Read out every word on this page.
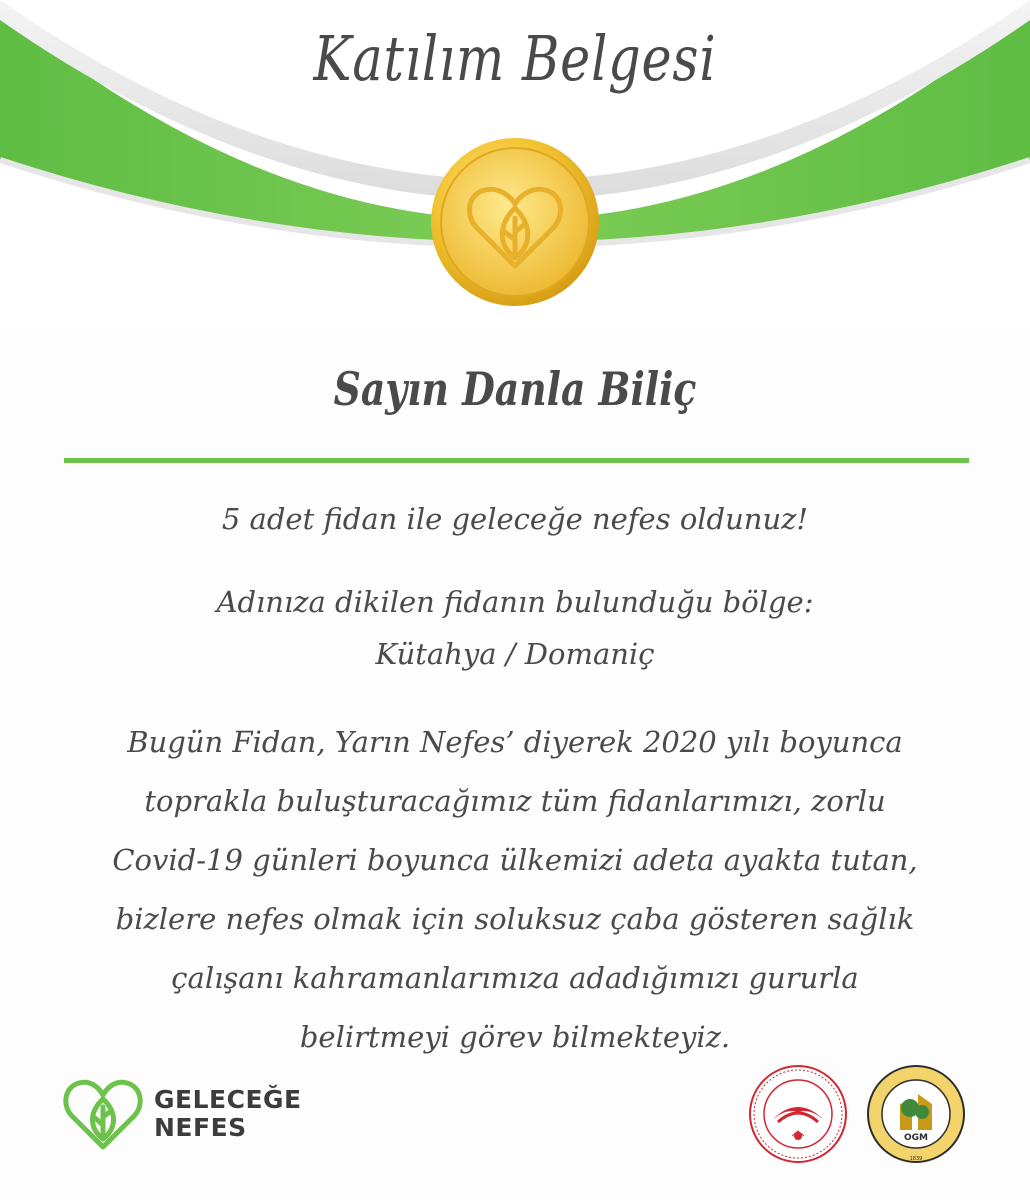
Katılım Belgesi
Sayın Danla Biliç
5 adet fidan ile geleceğe nefes oldunuz!
Adınıza dikilen fidanın bulunduğu bölge:
Kütahya / Domaniç
Bugün Fidan, Yarın Nefes’ diyerek 2020 yılı boyunca
toprakla buluşturacağımız tüm fidanlarımızı, zorlu
Covid-19 günleri boyunca ülkemizi adeta ayakta tutan,
bizlere nefes olmak için soluksuz çaba gösteren sağlık
çalışanı kahramanlarımıza adadığımızı gururla
belirtmeyi görev bilmekteyiz.
GELECEĞE
NEFES	OGM
1839
